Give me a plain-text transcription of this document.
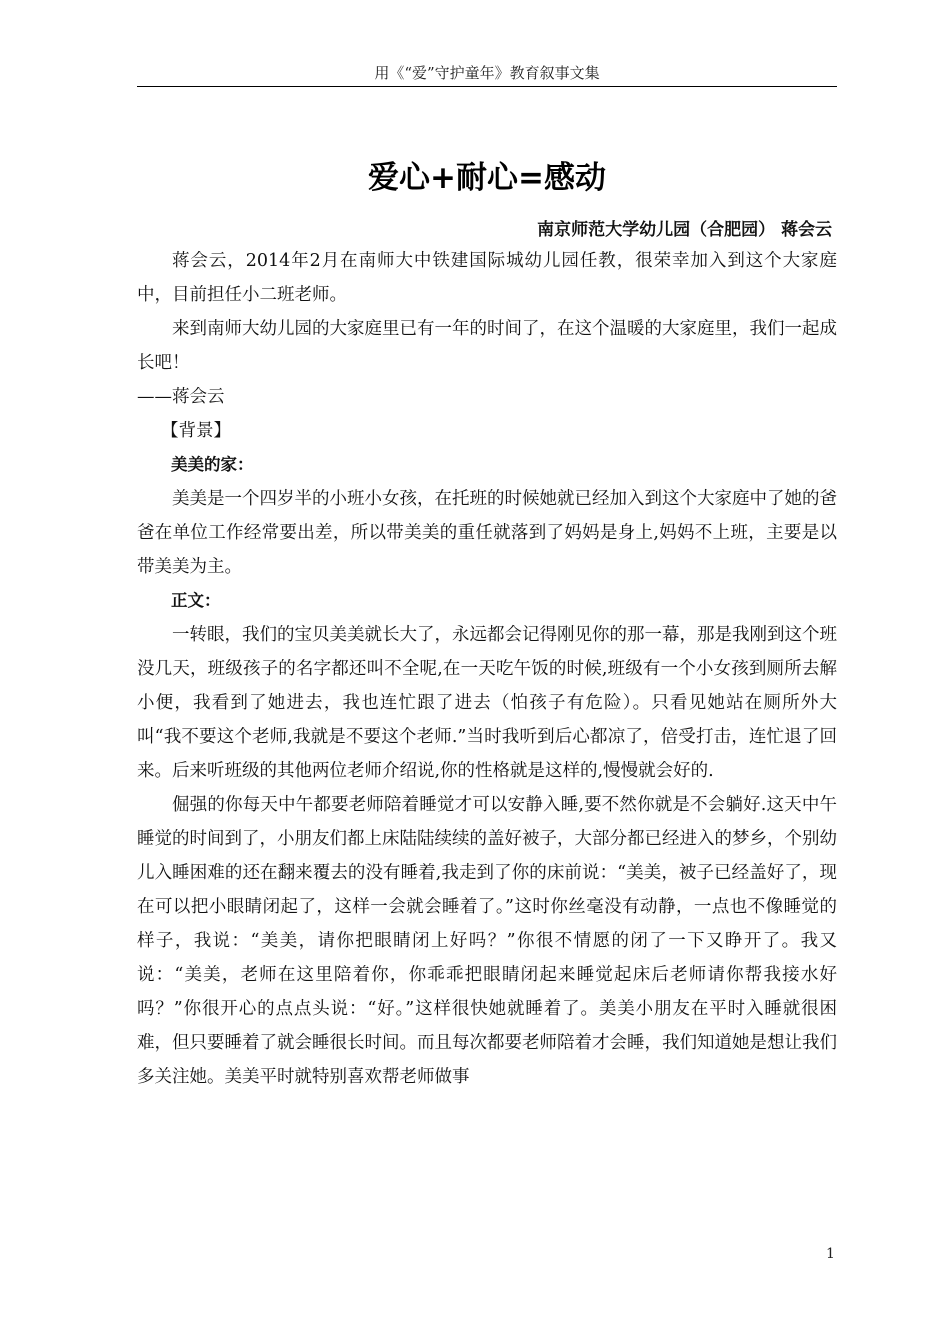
用《“爱”守护童年》教育叙事文集
爱心+耐心=感动
南京师范大学幼儿园（合肥园） 蒋会云

蒋会云，2014年2月在南师大中铁建国际城幼儿园任教，很荣幸加入到这个大家庭中，目前担任小二班老师。

来到南师大幼儿园的大家庭里已有一年的时间了，在这个温暖的大家庭里，我们一起成长吧！

——蒋会云

【背景】

美美的家：

美美是一个四岁半的小班小女孩，在托班的时候她就已经加入到这个大家庭中了她的爸爸在单位工作经常要出差，所以带美美的重任就落到了妈妈是身上,妈妈不上班，主要是以带美美为主。

正文：

一转眼，我们的宝贝美美就长大了，永远都会记得刚见你的那一幕，那是我刚到这个班没几天，班级孩子的名字都还叫不全呢,在一天吃午饭的时候,班级有一个小女孩到厕所去解小便，我看到了她进去，我也连忙跟了进去（怕孩子有危险）。只看见她站在厕所外大叫“我不要这个老师,我就是不要这个老师.”当时我听到后心都凉了，倍受打击，连忙退了回来。后来听班级的其他两位老师介绍说,你的性格就是这样的,慢慢就会好的.

倔强的你每天中午都要老师陪着睡觉才可以安静入睡,要不然你就是不会躺好.这天中午睡觉的时间到了，小朋友们都上床陆陆续续的盖好被子，大部分都已经进入的梦乡，个别幼儿入睡困难的还在翻来覆去的没有睡着,我走到了你的床前说：“美美，被子已经盖好了，现在可以把小眼睛闭起了，这样一会就会睡着了。”这时你丝毫没有动静，一点也不像睡觉的样子，我说：“美美，请你把眼睛闭上好吗？”你很不情愿的闭了一下又睁开了。我又说：“美美，老师在这里陪着你，你乖乖把眼睛闭起来睡觉起床后老师请你帮我接水好吗？”你很开心的点点头说：“好。”这样很快她就睡着了。美美小朋友在平时入睡就很困难，但只要睡着了就会睡很长时间。而且每次都要老师陪着才会睡，我们知道她是想让我们多关注她。美美平时就特别喜欢帮老师做事

1
